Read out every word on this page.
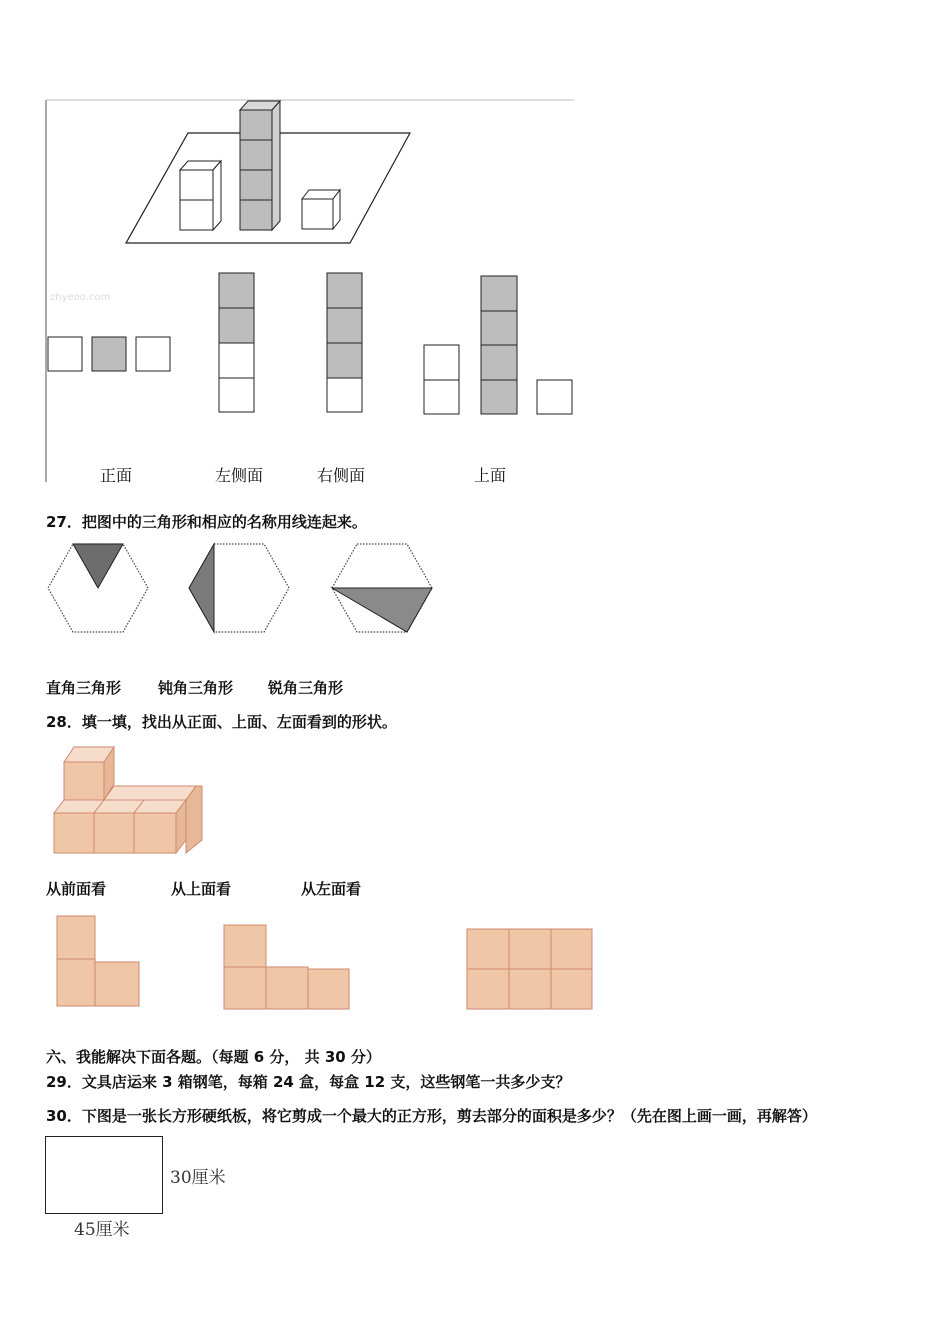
zhyeoo.com
正面	左侧面	右侧面	上面
27．把图中的三角形和相应的名称用线连起来。
直角三角形 钝角三角形 锐角三角形
28．填一填，找出从正面、上面、左面看到的形状。
从前面看	从上面看	从左面看
六、我能解决下面各题。（每题 6 分， 共 30 分）
29．文具店运来 3 箱钢笔，每箱 24 盒，每盒 12 支，这些钢笔一共多少支？
30．下图是一张长方形硬纸板，将它剪成一个最大的正方形，剪去部分的面积是多少？（先在图上画一画，再解答）
30厘米
45厘米
